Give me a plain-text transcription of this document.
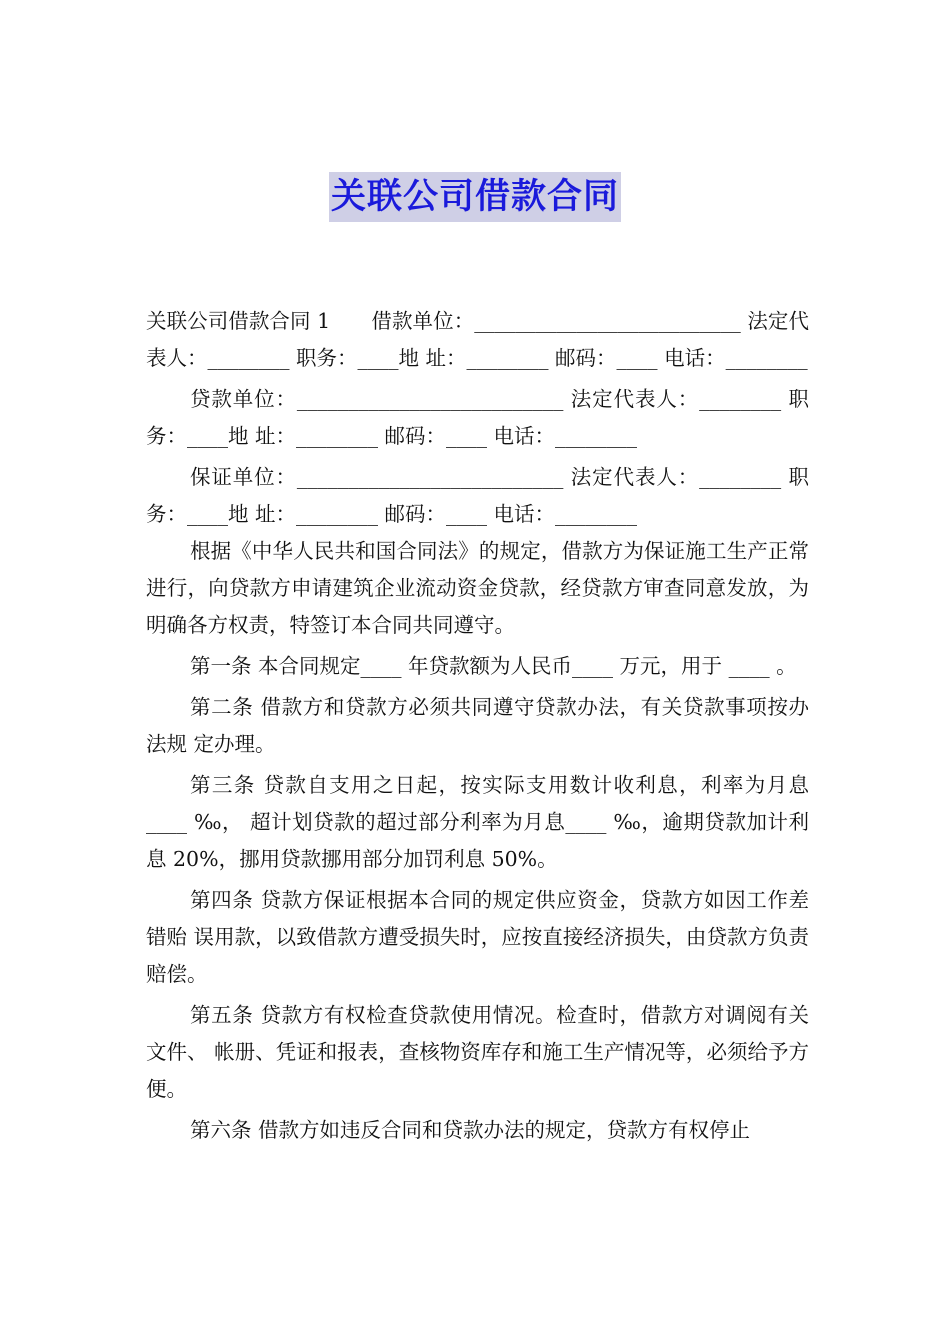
关联公司借款合同

关联公司借款合同 1　　借款单位：__________________________ 法定代表人：________ 职务：____地 址：________ 邮码：____ 电话：________

贷款单位：__________________________ 法定代表人：________ 职务：____地 址：________ 邮码：____ 电话：________

保证单位：__________________________ 法定代表人：________ 职务：____地 址：________ 邮码：____ 电话：________

根据《中华人民共和国合同法》的规定，借款方为保证施工生产正常进行，向贷款方申请建筑企业流动资金贷款，经贷款方审查同意发放，为明确各方权责，特签订本合同共同遵守。

第一条 本合同规定____ 年贷款额为人民币____ 万元，用于 ____ 。

第二条 借款方和贷款方必须共同遵守贷款办法，有关贷款事项按办法规 定办理。

第三条 贷款自支用之日起，按实际支用数计收利息，利率为月息____ ‰， 超计划贷款的超过部分利率为月息____ ‰，逾期贷款加计利息 20%，挪用贷款挪用部分加罚利息 50%。

第四条 贷款方保证根据本合同的规定供应资金，贷款方如因工作差错贻 误用款，以致借款方遭受损失时，应按直接经济损失，由贷款方负责赔偿。

第五条 贷款方有权检查贷款使用情况。检查时，借款方对调阅有关文件、 帐册、凭证和报表，查核物资库存和施工生产情况等，必须给予方便。

第六条 借款方如违反合同和贷款办法的规定，贷款方有权停止
